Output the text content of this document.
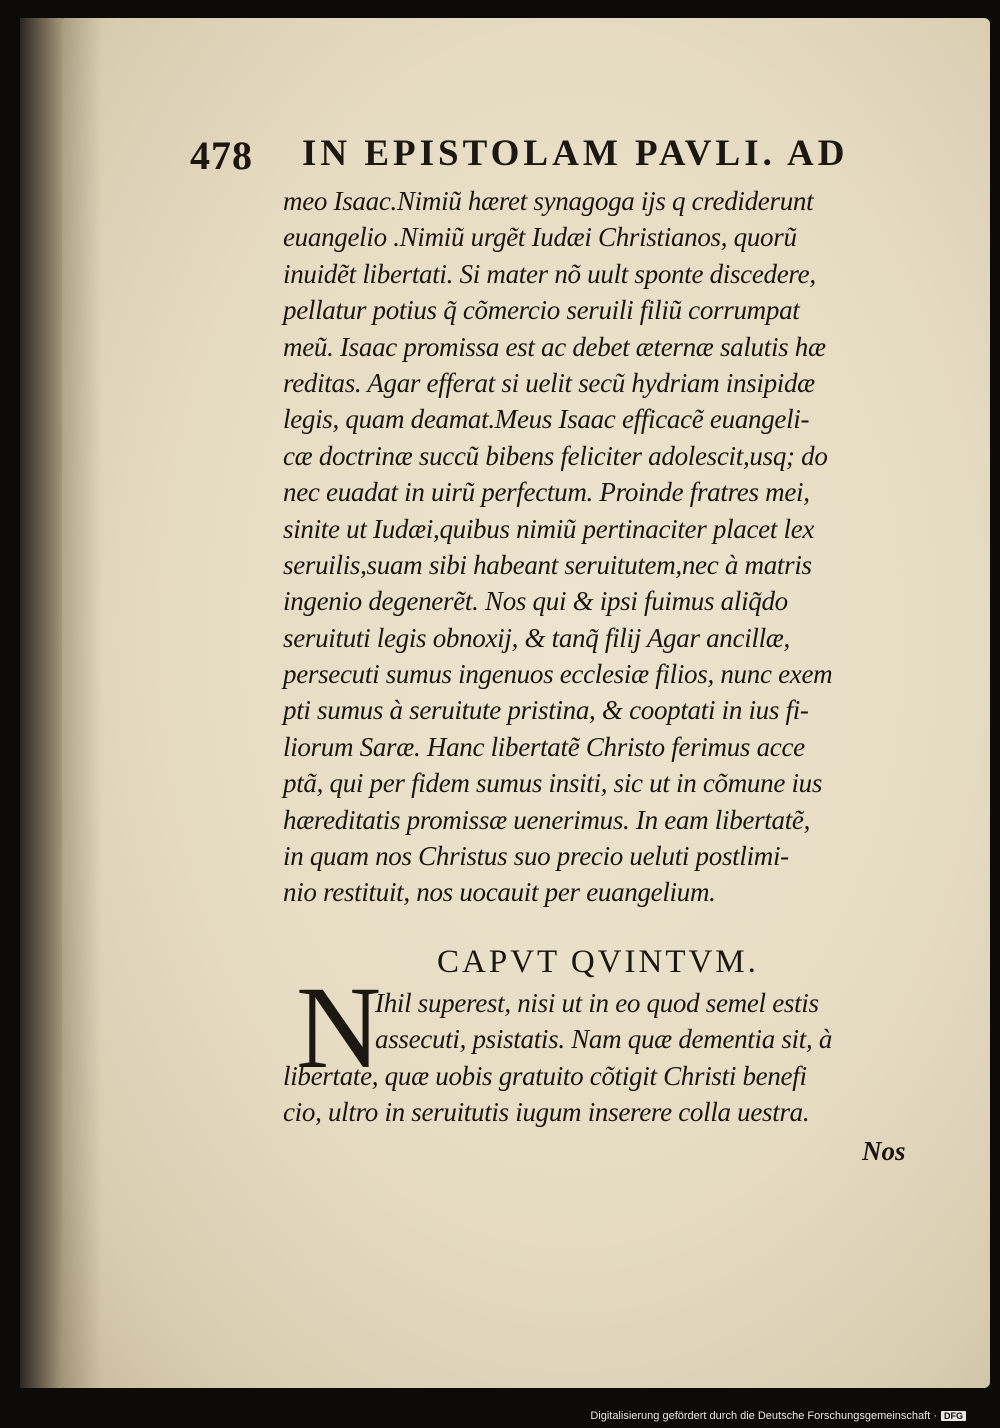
478 IN EPISTOLAM PAVLI. AD
meo Isaac.Nimiũ hæret synagoga ijs q crediderunt
euangelio .Nimiũ urgẽt Iudæi Christianos, quorũ
inuidẽt libertati. Si mater nõ uult sponte discedere,
pellatur potius q̃ cõmercio seruili filiũ corrumpat
meũ. Isaac promissa est ac debet æternæ salutis hæ
reditas. Agar efferat si uelit secũ hydriam insipidæ
legis, quam deamat.Meus Isaac efficacẽ euangeli-
cæ doctrinæ succũ bibens feliciter adolescit,usq; do
nec euadat in uirũ perfectum. Proinde fratres mei,
sinite ut Iudæi,quibus nimiũ pertinaciter placet lex
seruilis,suam sibi habeant seruitutem,nec à matris
ingenio degenerẽt. Nos qui & ipsi fuimus aliq̃do
seruituti legis obnoxij, & tanq̃ filij Agar ancillæ,
persecuti sumus ingenuos ecclesiæ filios, nunc exem
pti sumus à seruitute pristina, & cooptati in ius fi-
liorum Saræ. Hanc libertatẽ Christo ferimus acce
ptã, qui per fidem sumus insiti, sic ut in cõmune ius
hæreditatis promissæ uenerimus. In eam libertatẽ,
in quam nos Christus suo precio ueluti postlimi-
nio restituit, nos uocauit per euangelium.
CAPVT QVINTVM.
N
Ihil superest, nisi ut in eo quod semel estis
assecuti, psistatis. Nam quæ dementia sit, à
libertate, quæ uobis gratuito cõtigit Christi benefi
cio, ultro in seruitutis iugum inserere colla uestra.
Nos
Digitalisierung gefördert durch die Deutsche Forschungsgemeinschaft · DFG
